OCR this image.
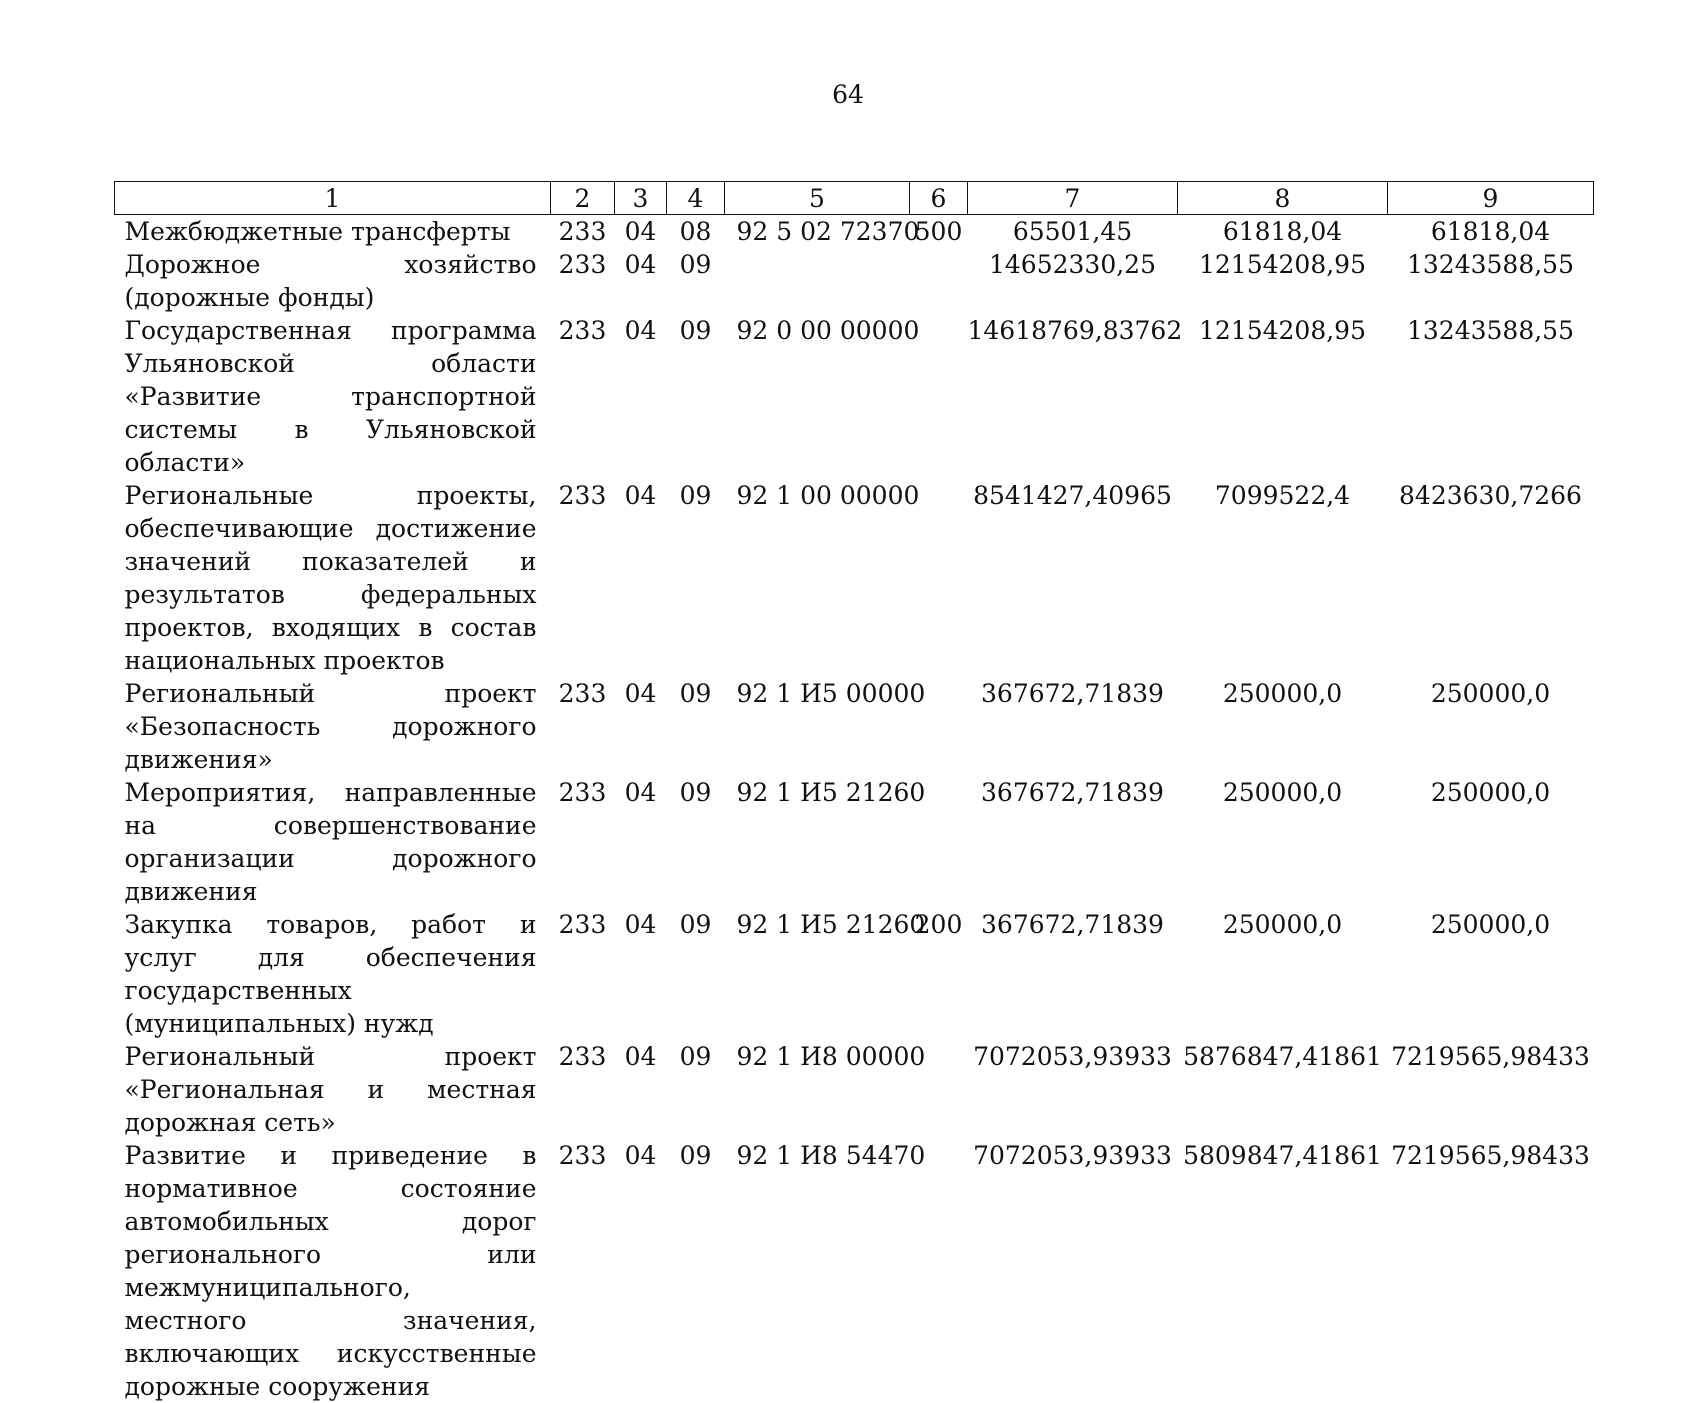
64
1	2	3	4	5	6	7	8	9
Межбюджетные трансферты	233	04	08	92 5 02 72370	500	65501,45	61818,04	61818,04
Дорожное хозяйство (дорожные фонды)	233	04	09			14652330,25	12154208,95	13243588,55
Государственная программа Ульяновской области «Развитие транспортной системы в Ульяновской области»	233	04	09	92 0 00 00000		14618769,83762	12154208,95	13243588,55
Региональные проекты, обеспечивающие достижение значений показателей и результатов федеральных проектов, входящих в состав национальных проектов	233	04	09	92 1 00 00000		8541427,40965	7099522,4	8423630,7266
Региональный проект «Безопасность дорожного движения»	233	04	09	92 1 И5 00000		367672,71839	250000,0	250000,0
Мероприятия, направленные на совершенствование организации дорожного движения	233	04	09	92 1 И5 21260		367672,71839	250000,0	250000,0
Закупка товаров, работ и услуг для обеспечения государственных (муниципальных) нужд	233	04	09	92 1 И5 21260	200	367672,71839	250000,0	250000,0
Региональный проект «Региональная и местная дорожная сеть»	233	04	09	92 1 И8 00000		7072053,93933	5876847,41861	7219565,98433
Развитие и приведение в нормативное состояние автомобильных дорог регионального или межмуниципального, местного значения, включающих искусственные дорожные сооружения	233	04	09	92 1 И8 54470		7072053,93933	5809847,41861	7219565,98433
